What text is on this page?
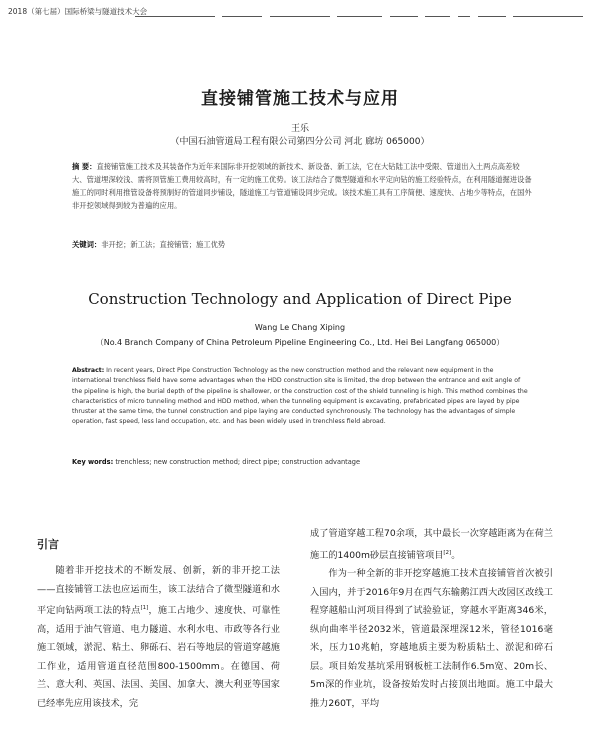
2018（第七届）国际桥梁与隧道技术大会
直接铺管施工技术与应用
王乐
（中国石油管道局工程有限公司第四分公司 河北 廊坊 065000）
摘 要：直接铺管施工技术及其装备作为近年来国际非开挖领域的新技术、新设备、新工法，它在大钻陆工法中受限、管道出入土两点高差较大、管道埋深较浅、需将顶管施工费用较高时，有一定的施工优势。该工法结合了微型隧道和水平定向钻的施工经验特点，在利用隧道掘进设备施工的同时利用推管设备将预制好的管道同步铺设，隧道施工与管道铺设同步完成。该技术施工具有工序简便、速度快、占地少等特点，在国外非开挖领域得到较为普遍的应用。
关键词：非开挖；新工法；直接铺管；施工优势
Construction Technology and Application of Direct Pipe
Wang Le Chang Xiping
（No.4 Branch Company of China Petroleum Pipeline Engineering Co., Ltd. Hei Bei Langfang 065000）
Abstract: In recent years, Direct Pipe Construction Technology as the new construction method and the relevant new equipment in the international trenchless field have some advantages when the HDD construction site is limited, the drop between the entrance and exit angle of the pipeline is high, the burial depth of the pipeline is shallower, or the construction cost of the shield tunneling is high. This method combines the characteristics of micro tunneling method and HDD method, when the tunneling equipment is excavating, prefabricated pipes are layed by pipe thruster at the same time, the tunnel construction and pipe laying are conducted synchronously. The technology has the advantages of simple operation, fast speed, less land occupation, etc. and has been widely used in trenchless field abroad.
Key words: trenchless; new construction method; direct pipe; construction advantage
引言

随着非开挖技术的不断发展、创新，新的非开挖工法——直接铺管工法也应运而生，该工法结合了微型隧道和水平定向钻两项工法的特点[1]，施工占地少、速度快、可靠性高，适用于油气管道、电力隧道、水利水电、市政等各行业施工领域，淤泥、粘土、卵砾石、岩石等地层的管道穿越施工作业，适用管道直径范围800-1500mm。在德国、荷兰、意大利、英国、法国、美国、加拿大、澳大利亚等国家已经率先应用该技术，完

成了管道穿越工程70余项，其中最长一次穿越距离为在荷兰施工的1400m砂层直接铺管项目[2]。

作为一种全新的非开挖穿越施工技术直接铺管首次被引入国内，并于2016年9月在西气东输鹅江西大改园区改线工程穿越船山河项目得到了试验验证，穿越水平距离346米，纵向曲率半径2032米，管道最深埋深12米，管径1016毫米，压力10兆帕，穿越地质主要为粉质粘土、淤泥和碎石层。项目始发基坑采用钢板桩工法制作6.5m宽、20m长、5m深的作业坑，设备按始发时占接顶出地面。施工中最大推力260T，平均
